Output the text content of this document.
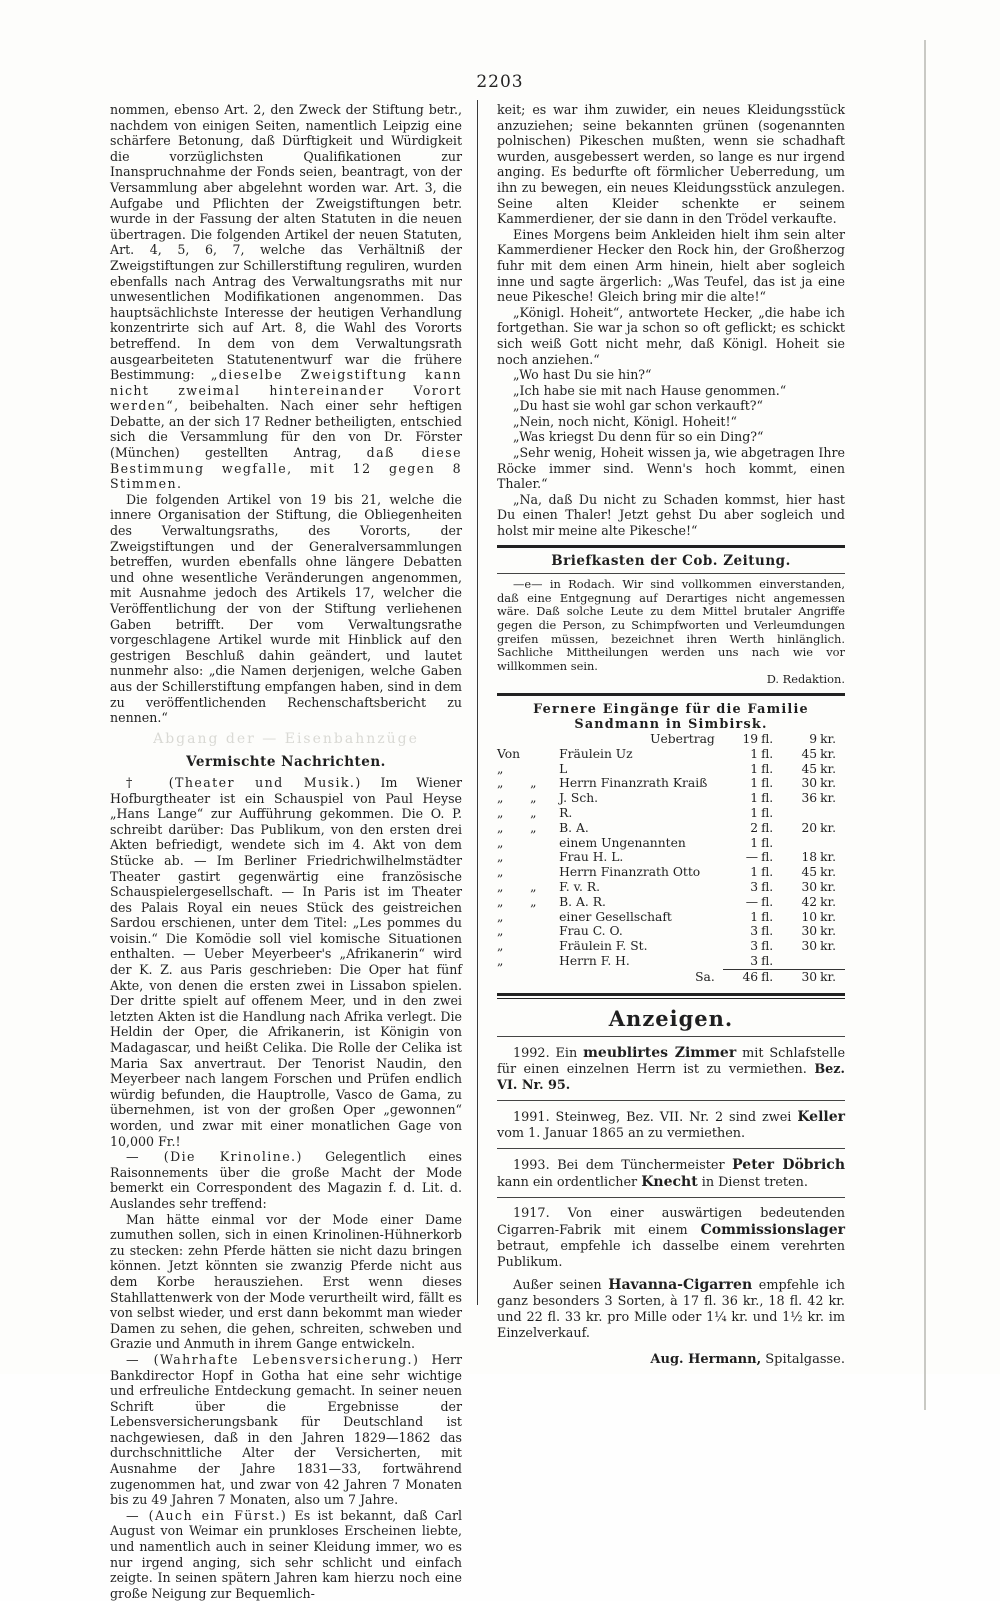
2203

nommen, ebenso Art. 2, den Zweck der Stiftung betr., nachdem von einigen Seiten, namentlich Leipzig eine schärfere Betonung, daß Dürftigkeit und Würdigkeit die vorzüglichsten Qualifikationen zur Inanspruchnahme der Fonds seien, beantragt, von der Versammlung aber abgelehnt worden war. Art. 3, die Aufgabe und Pflichten der Zweigstiftungen betr. wurde in der Fassung der alten Statuten in die neuen übertragen. Die folgenden Artikel der neuen Statuten, Art. 4, 5, 6, 7, welche das Verhältniß der Zweigstiftungen zur Schillerstiftung reguliren, wurden ebenfalls nach Antrag des Verwaltungsraths mit nur unwesentlichen Modifikationen angenommen. Das hauptsächlichste Interesse der heutigen Verhandlung konzentrirte sich auf Art. 8, die Wahl des Vororts betreffend. In dem von dem Verwaltungsrath ausgearbeiteten Statutenentwurf war die frühere Bestimmung: „dieselbe Zweigstiftung kann nicht zweimal hintereinander Vorort werden“, beibehalten. Nach einer sehr heftigen Debatte, an der sich 17 Redner betheiligten, entschied sich die Versammlung für den von Dr. Förster (München) gestellten Antrag, daß diese Bestimmung wegfalle, mit 12 gegen 8 Stimmen.

Die folgenden Artikel von 19 bis 21, welche die innere Organisation der Stiftung, die Obliegenheiten des Verwaltungsraths, des Vororts, der Zweigstiftungen und der Generalversammlungen betreffen, wurden ebenfalls ohne längere Debatten und ohne wesentliche Veränderungen angenommen, mit Ausnahme jedoch des Artikels 17, welcher die Veröffentlichung der von der Stiftung verliehenen Gaben betrifft. Der vom Verwaltungsrathe vorgeschlagene Artikel wurde mit Hinblick auf den gestrigen Beschluß dahin geändert, und lautet nunmehr also: „die Namen derjenigen, welche Gaben aus der Schillerstiftung empfangen haben, sind in dem zu veröffentlichenden Rechenschaftsbericht zu nennen.“

Abgang der — Eisenbahnzüge

Vermischte Nachrichten.

† (Theater und Musik.) Im Wiener Hofburgtheater ist ein Schauspiel von Paul Heyse „Hans Lange“ zur Aufführung gekommen. Die O. P. schreibt darüber: Das Publikum, von den ersten drei Akten befriedigt, wendete sich im 4. Akt von dem Stücke ab. — Im Berliner Friedrichwilhelmstädter Theater gastirt gegenwärtig eine französische Schauspielergesellschaft. — In Paris ist im Theater des Palais Royal ein neues Stück des geistreichen Sardou erschienen, unter dem Titel: „Les pommes du voisin.“ Die Komödie soll viel komische Situationen enthalten. — Ueber Meyerbeer's „Afrikanerin“ wird der K. Z. aus Paris geschrieben: Die Oper hat fünf Akte, von denen die ersten zwei in Lissabon spielen. Der dritte spielt auf offenem Meer, und in den zwei letzten Akten ist die Handlung nach Afrika verlegt. Die Heldin der Oper, die Afrikanerin, ist Königin von Madagascar, und heißt Celika. Die Rolle der Celika ist Maria Sax anvertraut. Der Tenorist Naudin, den Meyerbeer nach langem Forschen und Prüfen endlich würdig befunden, die Hauptrolle, Vasco de Gama, zu übernehmen, ist von der großen Oper „gewonnen“ worden, und zwar mit einer monatlichen Gage von 10,000 Fr.!

— (Die Krinoline.) Gelegentlich eines Raisonnements über die große Macht der Mode bemerkt ein Correspondent des Magazin f. d. Lit. d. Auslandes sehr treffend:

Man hätte einmal vor der Mode einer Dame zumuthen sollen, sich in einen Krinolinen-Hühnerkorb zu stecken: zehn Pferde hätten sie nicht dazu bringen können. Jetzt könnten sie zwanzig Pferde nicht aus dem Korbe herausziehen. Erst wenn dieses Stahllattenwerk von der Mode verurtheilt wird, fällt es von selbst wieder, und erst dann bekommt man wieder Damen zu sehen, die gehen, schreiten, schweben und Grazie und Anmuth in ihrem Gange entwickeln.

— (Wahrhafte Lebensversicherung.) Herr Bankdirector Hopf in Gotha hat eine sehr wichtige und erfreuliche Entdeckung gemacht. In seiner neuen Schrift über die Ergebnisse der Lebensversicherungsbank für Deutschland ist nachgewiesen, daß in den Jahren 1829—1862 das durchschnittliche Alter der Versicherten, mit Ausnahme der Jahre 1831—33, fortwährend zugenommen hat, und zwar von 42 Jahren 7 Monaten bis zu 49 Jahren 7 Monaten, also um 7 Jahre.

— (Auch ein Fürst.) Es ist bekannt, daß Carl August von Weimar ein prunkloses Erscheinen liebte, und namentlich auch in seiner Kleidung immer, wo es nur irgend anging, sich sehr schlicht und einfach zeigte. In seinen spätern Jahren kam hierzu noch eine große Neigung zur Bequemlich-

keit; es war ihm zuwider, ein neues Kleidungsstück anzuziehen; seine bekannten grünen (sogenannten polnischen) Pikeschen mußten, wenn sie schadhaft wurden, ausgebessert werden, so lange es nur irgend anging. Es bedurfte oft förmlicher Ueberredung, um ihn zu bewegen, ein neues Kleidungsstück anzulegen. Seine alten Kleider schenkte er seinem Kammerdiener, der sie dann in den Trödel verkaufte.

Eines Morgens beim Ankleiden hielt ihm sein alter Kammerdiener Hecker den Rock hin, der Großherzog fuhr mit dem einen Arm hinein, hielt aber sogleich inne und sagte ärgerlich: „Was Teufel, das ist ja eine neue Pikesche! Gleich bring mir die alte!“

„Königl. Hoheit“, antwortete Hecker, „die habe ich fortgethan. Sie war ja schon so oft geflickt; es schickt sich weiß Gott nicht mehr, daß Königl. Hoheit sie noch anziehen.“

„Wo hast Du sie hin?“

„Ich habe sie mit nach Hause genommen.“

„Du hast sie wohl gar schon verkauft?“

„Nein, noch nicht, Königl. Hoheit!“

„Was kriegst Du denn für so ein Ding?“

„Sehr wenig, Hoheit wissen ja, wie abgetragen Ihre Röcke immer sind. Wenn's hoch kommt, einen Thaler.“

„Na, daß Du nicht zu Schaden kommst, hier hast Du einen Thaler! Jetzt gehst Du aber sogleich und holst mir meine alte Pikesche!“

Briefkasten der Cob. Zeitung.

—e— in Rodach. Wir sind vollkommen einverstanden, daß eine Entgegnung auf Derartiges nicht angemessen wäre. Daß solche Leute zu dem Mittel brutaler Angriffe gegen die Person, zu Schimpfworten und Verleumdungen greifen müssen, bezeichnet ihren Werth hinlänglich. Sachliche Mittheilungen werden uns nach wie vor willkommen sein.

D. Redaktion.

Fernere Eingänge für die Familie Sandmann in Simbirsk.

		Uebertrag	19	fl.	9	kr.
Von		Fräulein Uz	1	fl.	45	kr.
„		L	1	fl.	45	kr.
„	„	Herrn Finanzrath Kraiß	1	fl.	30	kr.
„	„	J. Sch.	1	fl.	36	kr.
„	„	R.	1	fl.		
„	„	B. A.	2	fl.	20	kr.
„		einem Ungenannten	1	fl.		
„		Frau H. L.	—	fl.	18	kr.
„		Herrn Finanzrath Otto	1	fl.	45	kr.
„	„	F. v. R.	3	fl.	30	kr.
„	„	B. A. R.	—	fl.	42	kr.
„		einer Gesellschaft	1	fl.	10	kr.
„		Frau C. O.	3	fl.	30	kr.
„		Fräulein F. St.	3	fl.	30	kr.
„		Herrn F. H.	3	fl.		
		Sa.	46	fl.	30	kr.

Anzeigen.

1992. Ein meublirtes Zimmer mit Schlafstelle für einen einzelnen Herrn ist zu vermiethen. Bez. VI. Nr. 95.

1991. Steinweg, Bez. VII. Nr. 2 sind zwei Keller vom 1. Januar 1865 an zu vermiethen.

1993. Bei dem Tünchermeister Peter Döbrich kann ein ordentlicher Knecht in Dienst treten.

1917. Von einer auswärtigen bedeutenden Cigarren-Fabrik mit einem Commissionslager betraut, empfehle ich dasselbe einem verehrten Publikum.

Außer seinen Havanna-Cigarren empfehle ich ganz besonders 3 Sorten, à 17 fl. 36 kr., 18 fl. 42 kr. und 22 fl. 33 kr. pro Mille oder 1¼ kr. und 1½ kr. im Einzelverkauf.

Aug. Hermann, Spitalgasse.
